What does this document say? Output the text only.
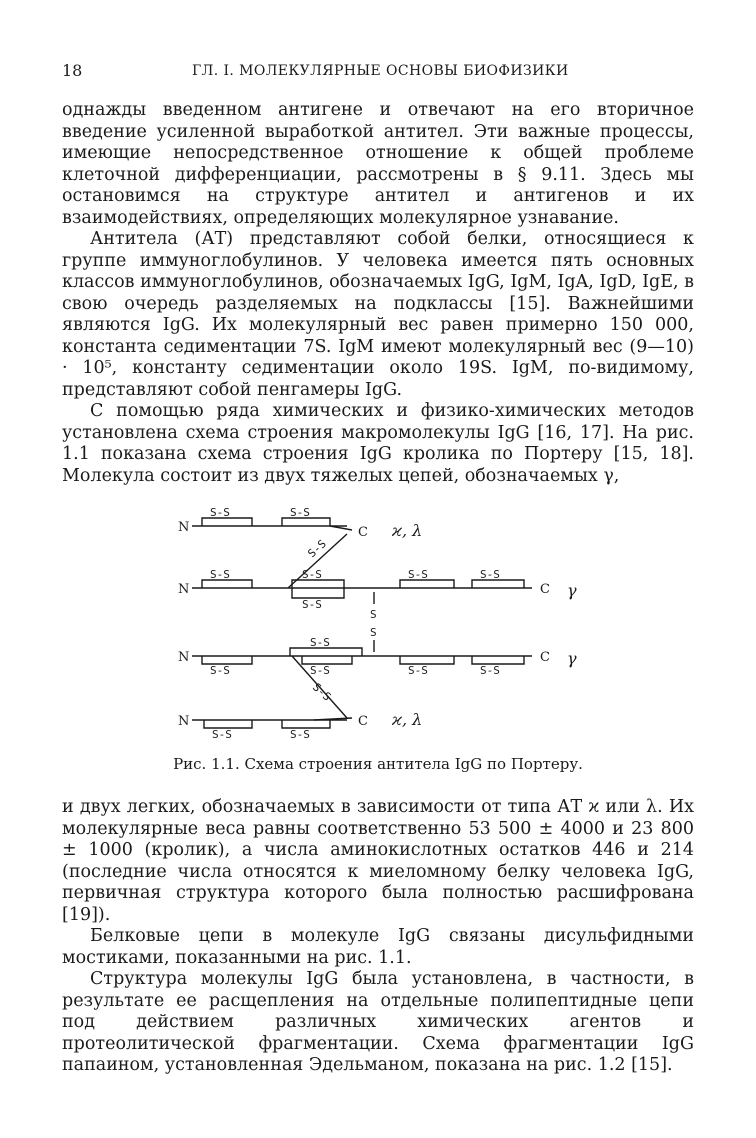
18	ГЛ. I. МОЛЕКУЛЯРНЫЕ ОСНОВЫ БИОФИЗИКИ

однажды введенном антигене и отвечают на его вторичное введение усиленной выработкой антител. Эти важные процессы, имеющие непосредственное отношение к общей проблеме клеточной дифференциации, рассмотрены в § 9.11. Здесь мы остановимся на структуре антител и антигенов и их взаимодействиях, определяющих молекулярное узнавание.

Антитела (АТ) представляют собой белки, относящиеся к группе иммуноглобулинов. У человека имеется пять основных классов иммуноглобулинов, обозначаемых IgG, IgM, IgA, IgD, IgE, в свою очередь разделяемых на подклассы [15]. Важнейшими являются IgG. Их молекулярный вес равен примерно 150 000, константа седиментации 7S. IgM имеют молекулярный вес (9—10) · 10⁵, константу седиментации около 19S. IgM, по-видимому, представляют собой пенгамеры IgG.

С помощью ряда химических и физико-химических методов установлена схема строения макромолекулы IgG [16, 17]. На рис. 1.1 показана схема строения IgG кролика по Портеру [15, 18]. Молекула состоит из двух тяжелых цепей, обозначаемых γ,

N
N
N
N
C
C
C
C
ϰ, λ
γ
γ
ϰ, λ
S-S	S-S
S-S
S-S	S-S
S-S
S-S	S-S
S
S
S-S
S-S	S-S	S-S	S-S
S-S
S-S	S-S
Рис. 1.1. Схема строения антитела IgG по Портеру.

и двух легких, обозначаемых в зависимости от типа АТ ϰ или λ. Их молекулярные веса равны соответственно 53 500 ± 4000 и 23 800 ± 1000 (кролик), а числа аминокислотных остатков 446 и 214 (последние числа относятся к миеломному белку человека IgG, первичная структура которого была полностью расшифрована [19]).

Белковые цепи в молекуле IgG связаны дисульфидными мостиками, показанными на рис. 1.1.

Структура молекулы IgG была установлена, в частности, в результате ее расщепления на отдельные полипептидные цепи под действием различных химических агентов и протеолитической фрагментации. Схема фрагментации IgG папаином, установленная Эдельманом, показана на рис. 1.2 [15].
